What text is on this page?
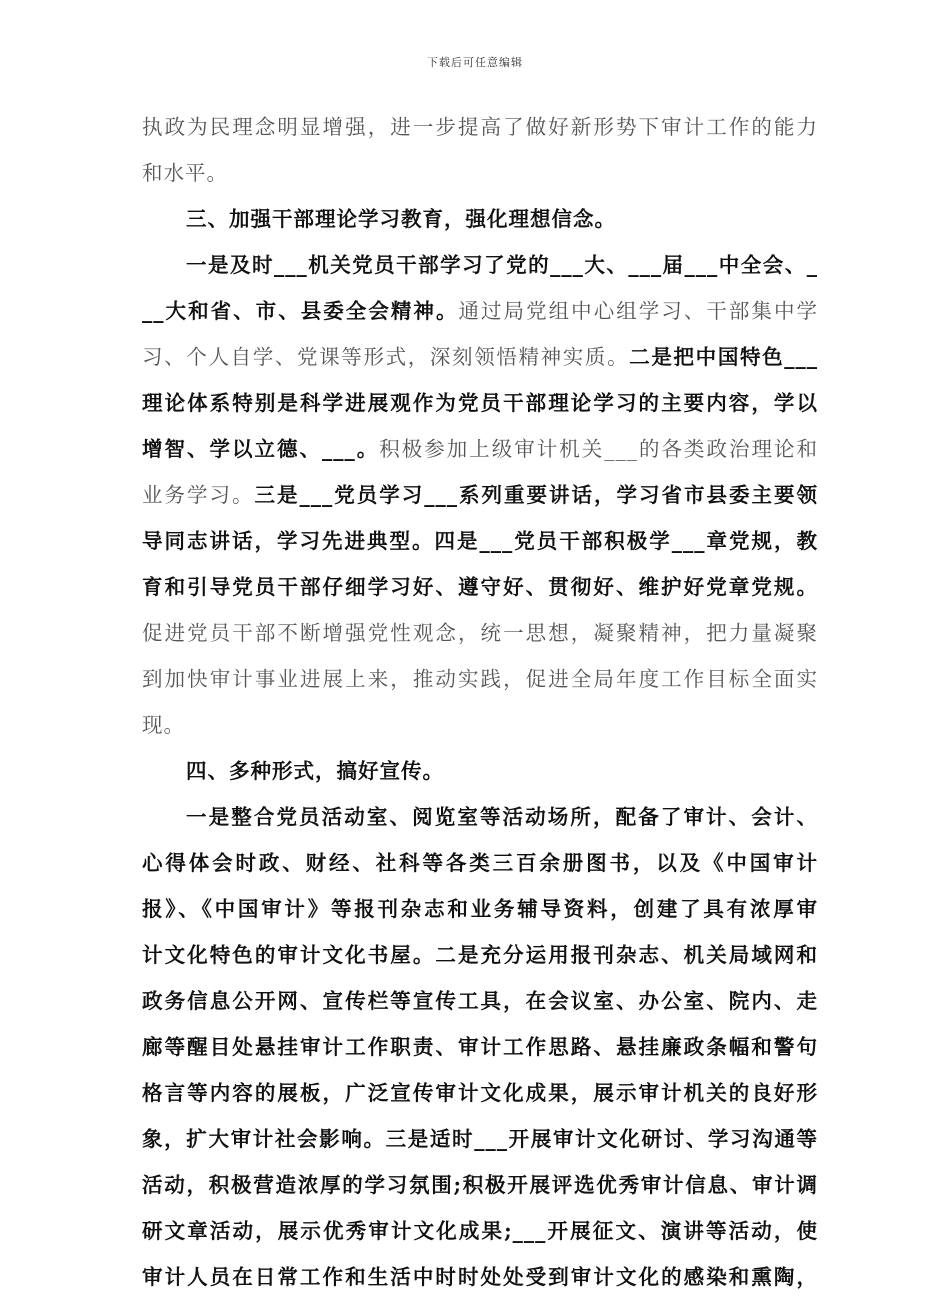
下载后可任意编辑
执政为民理念明显增强，进一步提高了做好新形势下审计工作的能力
和水平。
三、加强干部理论学习教育，强化理想信念。
一是及时___机关党员干部学习了党的___大、___届___中全会、_
__大和省、市、县委全会精神。通过局党组中心组学习、干部集中学
习、个人自学、党课等形式，深刻领悟精神实质。二是把中国特色___
理论体系特别是科学进展观作为党员干部理论学习的主要内容，学以
增智、学以立德、___。积极参加上级审计机关___的各类政治理论和
业务学习。三是___党员学习___系列重要讲话，学习省市县委主要领
导同志讲话，学习先进典型。四是___党员干部积极学___章党规，教
育和引导党员干部仔细学习好、遵守好、贯彻好、维护好党章党规。
促进党员干部不断增强党性观念，统一思想，凝聚精神，把力量凝聚
到加快审计事业进展上来，推动实践，促进全局年度工作目标全面实
现。
四、多种形式，搞好宣传。
一是整合党员活动室、阅览室等活动场所，配备了审计、会计、
心得体会时政、财经、社科等各类三百余册图书，以及《中国审计
报》、《中国审计》等报刊杂志和业务辅导资料，创建了具有浓厚审
计文化特色的审计文化书屋。二是充分运用报刊杂志、机关局域网和
政务信息公开网、宣传栏等宣传工具，在会议室、办公室、院内、走
廊等醒目处悬挂审计工作职责、审计工作思路、悬挂廉政条幅和警句
格言等内容的展板，广泛宣传审计文化成果，展示审计机关的良好形
象，扩大审计社会影响。三是适时___开展审计文化研讨、学习沟通等
活动，积极营造浓厚的学习氛围;积极开展评选优秀审计信息、审计调
研文章活动，展示优秀审计文化成果;___开展征文、演讲等活动，使
审计人员在日常工作和生活中时时处处受到审计文化的感染和熏陶，
